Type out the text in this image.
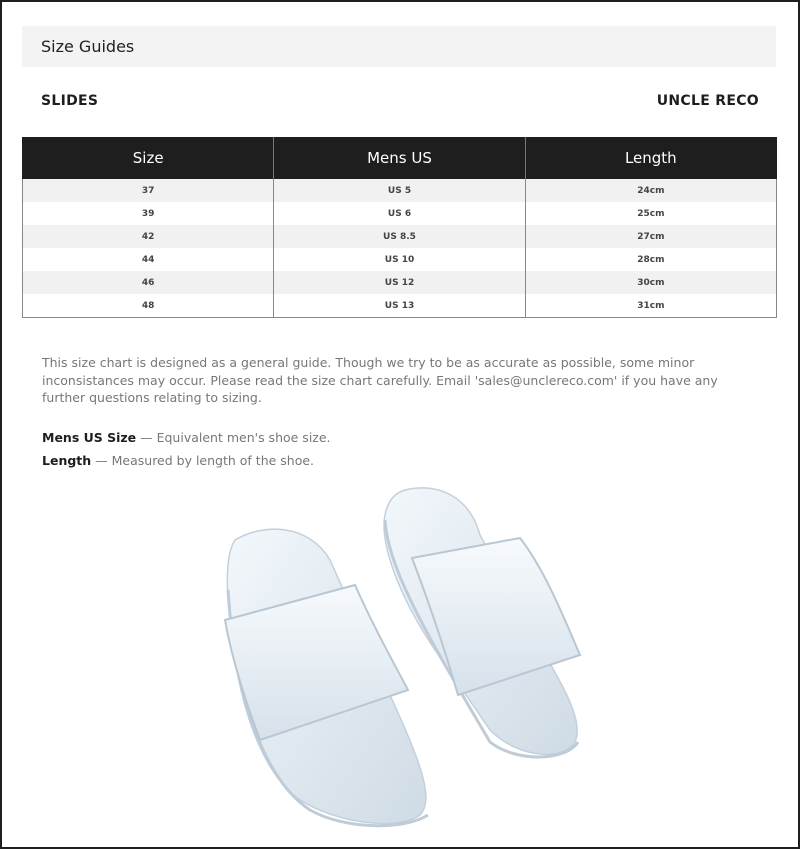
Size Guides
SLIDES	UNCLE RECO
Size	Mens US	Length
37	US 5	24cm
39	US 6	25cm
42	US 8.5	27cm
44	US 10	28cm
46	US 12	30cm
48	US 13	31cm

This size chart is designed as a general guide. Though we try to be as accurate as possible, some minor inconsistances may occur. Please read the size chart carefully. Email 'sales@unclereco.com' if you have any further questions relating to sizing.

Mens US Size — Equivalent men's shoe size.
Length — Measured by length of the shoe.
